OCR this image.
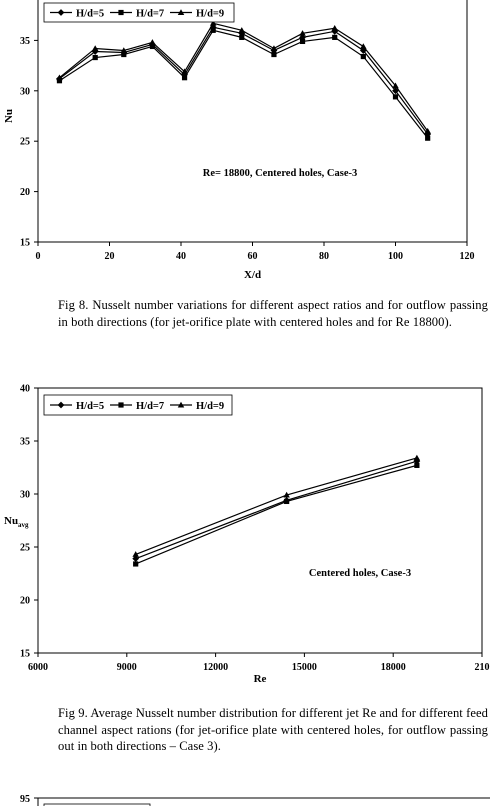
15
20
25
30
35
0	20	40	60	80	100	120
X/d
Nu
H/d=5	H/d=7	H/d=9
Re= 18800, Centered holes, Case-3
Fig 8. Nusselt number variations for different aspect ratios and for outflow passing in both directions (for jet-orifice plate with centered holes and for Re 18800).
15
20
25
30
35
40
6000	9000	12000	15000	18000	210
Re
Nu avg
H/d=5	H/d=7	H/d=9
Centered holes, Case-3
Fig 9. Average Nusselt number distribution for different jet Re and for different feed channel aspect rations (for jet-orifice plate with centered holes, for outflow passing out in both directions – Case 3).
95
